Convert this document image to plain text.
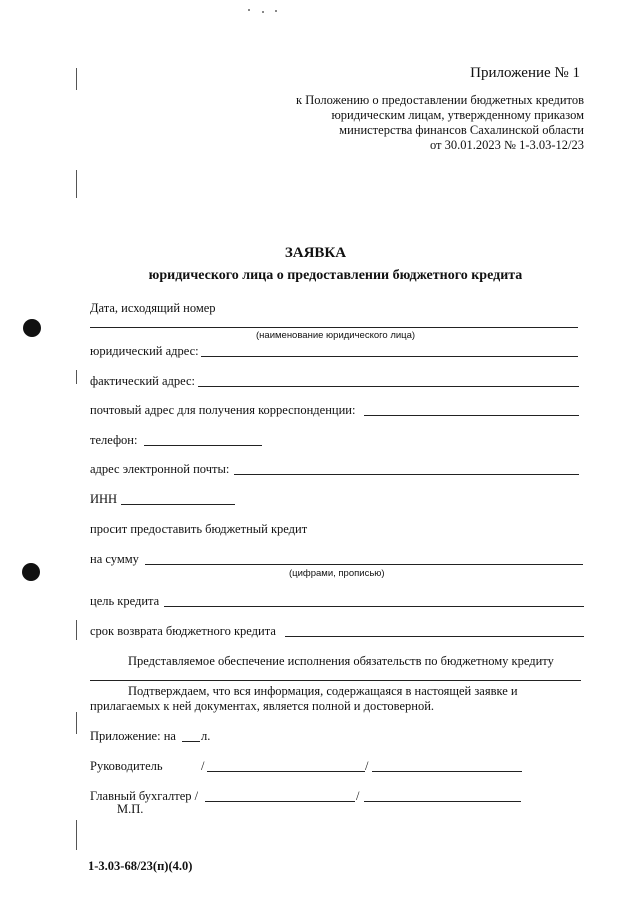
Приложение № 1
к Положению о предоставлении бюджетных кредитов
юридическим лицам, утвержденному приказом
министерства финансов Сахалинской области
от 30.01.2023 № 1-3.03-12/23
ЗАЯВКА
юридического лица о предоставлении бюджетного кредита
Дата, исходящий номер
(наименование юридического лица)
юридический адрес:
фактический адрес:
почтовый адрес для получения корреспонденции:
телефон:
адрес электронной почты:
ИНН
просит предоставить бюджетный кредит
на сумму
(цифрами, прописью)
цель кредита
срок возврата бюджетного кредита
Представляемое обеспечение исполнения обязательств по бюджетному кредиту
Подтверждаем, что вся информация, содержащаяся в настоящей заявке и
прилагаемых к ней документах, является полной и достоверной.
Приложение: на л.
Руководитель	/	/
Главный бухгалтер /	/
М.П.
1-3.03-68/23(п)(4.0)
